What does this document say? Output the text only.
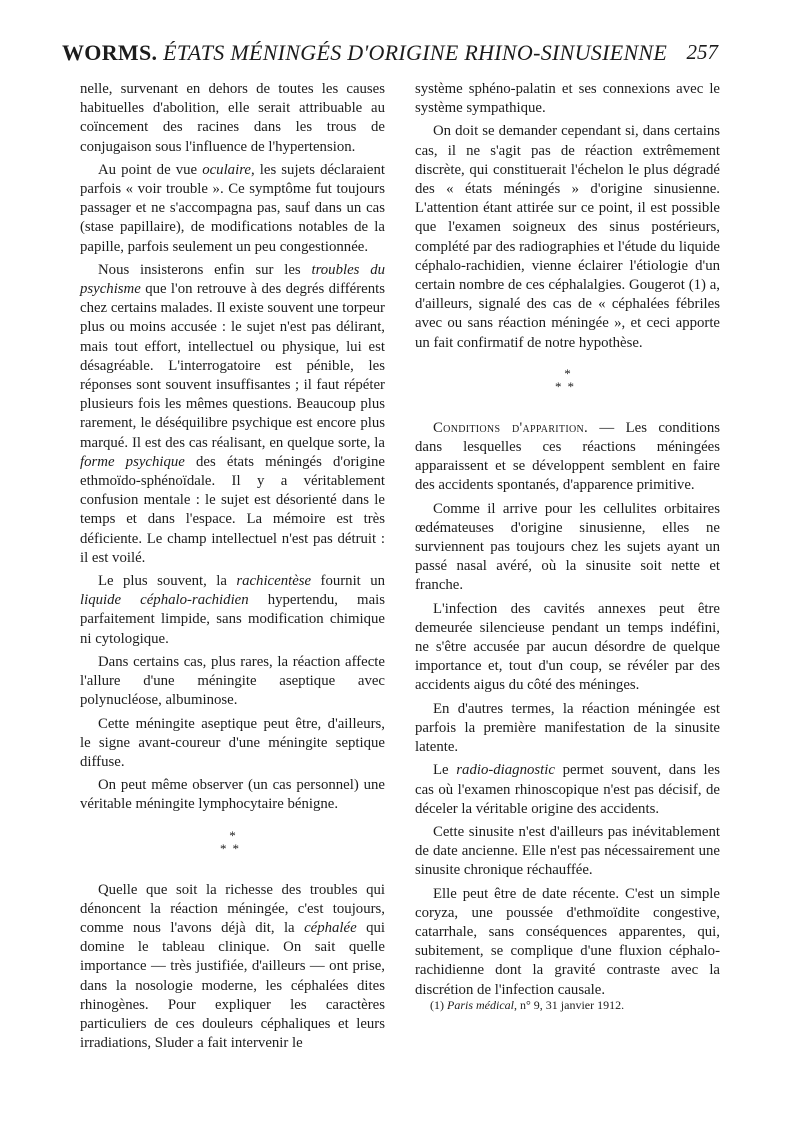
WORMS. ÉTATS MÉNINGÉS D'ORIGINE RHINO-SINUSIENNE 257

nelle, survenant en dehors de toutes les causes habituelles d'abolition, elle serait attribuable au coïncement des racines dans les trous de conjugaison sous l'influence de l'hypertension.

Au point de vue oculaire, les sujets déclaraient parfois « voir trouble ». Ce symptôme fut toujours passager et ne s'accompagna pas, sauf dans un cas (stase papillaire), de modifications notables de la papille, parfois seulement un peu congestionnée.

Nous insisterons enfin sur les troubles du psychisme que l'on retrouve à des degrés différents chez certains malades. Il existe souvent une torpeur plus ou moins accusée : le sujet n'est pas délirant, mais tout effort, intellectuel ou physique, lui est désagréable. L'interrogatoire est pénible, les réponses sont souvent insuffisantes ; il faut répéter plusieurs fois les mêmes questions. Beaucoup plus rarement, le déséquilibre psychique est encore plus marqué. Il est des cas réalisant, en quelque sorte, la forme psychique des états méningés d'origine ethmoïdo-sphénoïdale. Il y a véritablement confusion mentale : le sujet est désorienté dans le temps et dans l'espace. La mémoire est très déficiente. Le champ intellectuel n'est pas détruit : il est voilé.

Le plus souvent, la rachicentèse fournit un liquide céphalo-rachidien hypertendu, mais parfaitement limpide, sans modification chimique ni cytologique.

Dans certains cas, plus rares, la réaction affecte l'allure d'une méningite aseptique avec polynucléose, albuminose.

Cette méningite aseptique peut être, d'ailleurs, le signe avant-coureur d'une méningite septique diffuse.

On peut même observer (un cas personnel) une véritable méningite lymphocytaire bénigne.

*
**

Quelle que soit la richesse des troubles qui dénoncent la réaction méningée, c'est toujours, comme nous l'avons déjà dit, la céphalée qui domine le tableau clinique. On sait quelle importance — très justifiée, d'ailleurs — ont prise, dans la nosologie moderne, les céphalées dites rhinogènes. Pour expliquer les caractères particuliers de ces douleurs céphaliques et leurs irradiations, Sluder a fait intervenir le

système sphéno-palatin et ses connexions avec le système sympathique.

On doit se demander cependant si, dans certains cas, il ne s'agit pas de réaction extrêmement discrète, qui constituerait l'échelon le plus dégradé des « états méningés » d'origine sinusienne. L'attention étant attirée sur ce point, il est possible que l'examen soigneux des sinus postérieurs, complété par des radiographies et l'étude du liquide céphalo-rachidien, vienne éclairer l'étiologie d'un certain nombre de ces céphalalgies. Gougerot (1) a, d'ailleurs, signalé des cas de « céphalées fébriles avec ou sans réaction méningée », et ceci apporte un fait confirmatif de notre hypothèse.

*
**

Conditions d'apparition. — Les conditions dans lesquelles ces réactions méningées apparaissent et se développent semblent en faire des accidents spontanés, d'apparence primitive.

Comme il arrive pour les cellulites orbitaires œdémateuses d'origine sinusienne, elles ne surviennent pas toujours chez les sujets ayant un passé nasal avéré, où la sinusite soit nette et franche.

L'infection des cavités annexes peut être demeurée silencieuse pendant un temps indéfini, ne s'être accusée par aucun désordre de quelque importance et, tout d'un coup, se révéler par des accidents aigus du côté des méninges.

En d'autres termes, la réaction méningée est parfois la première manifestation de la sinusite latente.

Le radio-diagnostic permet souvent, dans les cas où l'examen rhinoscopique n'est pas décisif, de déceler la véritable origine des accidents.

Cette sinusite n'est d'ailleurs pas inévitablement de date ancienne. Elle n'est pas nécessairement une sinusite chronique réchauffée.

Elle peut être de date récente. C'est un simple coryza, une poussée d'ethmoïdite congestive, catarrhale, sans conséquences apparentes, qui, subitement, se complique d'une fluxion céphalo-rachidienne dont la gravité contraste avec la discrétion de l'infection causale.

(1) Paris médical, n° 9, 31 janvier 1912.
